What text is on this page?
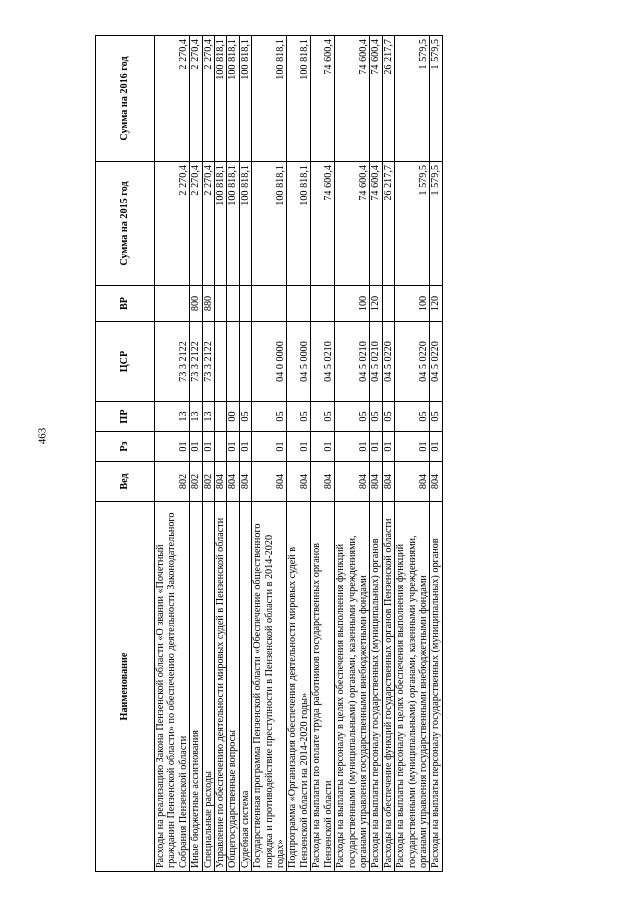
463
Наименование	Вед	Рз	ПР	ЦСР	ВР	Сумма на 2015 год	Сумма на 2016 год
Расходы на реализацию Закона Пензенской области «О звании «Почетный гражданин Пензенской области» по обеспечению деятельности Законодательного Собрания Пензенской области	802	01	13	73 3 2122		2 270,4	2 270,4
Иные бюджетные ассигнования	802	01	13	73 3 2122	800	2 270,4	2 270,4
Специальные расходы	802	01	13	73 3 2122	880	2 270,4	2 270,4
Управление по обеспечению деятельности мировых судей в Пензенской области	804					100 818,1	100 818,1
Общегосударственные вопросы	804	01	00			100 818,1	100 818,1
Судебная система	804	01	05			100 818,1	100 818,1
Государственная программа Пензенской области «Обеспечение общественного порядка и противодействие преступности в Пензенской области в 2014-2020 годах»	804	01	05	04 0 0000		100 818,1	100 818,1
Подпрограмма «Организация обеспечения деятельности мировых судей в Пензенской области на 2014-2020 годы»	804	01	05	04 5 0000		100 818,1	100 818,1
Расходы на выплаты по оплате труда работников государственных органов Пензенской области	804	01	05	04 5 0210		74 600,4	74 600,4
Расходы на выплаты персоналу в целях обеспечения выполнения функций государственными (муниципальными) органами, казенными учреждениями, органами управления государственными внебюджетными фондами	804	01	05	04 5 0210	100	74 600,4	74 600,4
Расходы на выплаты персоналу государственных (муниципальных) органов	804	01	05	04 5 0210	120	74 600,4	74 600,4
Расходы на обеспечение функций государственных органов Пензенской области	804	01	05	04 5 0220		26 217,7	26 217,7
Расходы на выплаты персоналу в целях обеспечения выполнения функций государственными (муниципальными) органами, казенными учреждениями, органами управления государственными внебюджетными фондами	804	01	05	04 5 0220	100	1 579,5	1 579,5
Расходы на выплаты персоналу государственных (муниципальных) органов	804	01	05	04 5 0220	120	1 579,5	1 579,5
